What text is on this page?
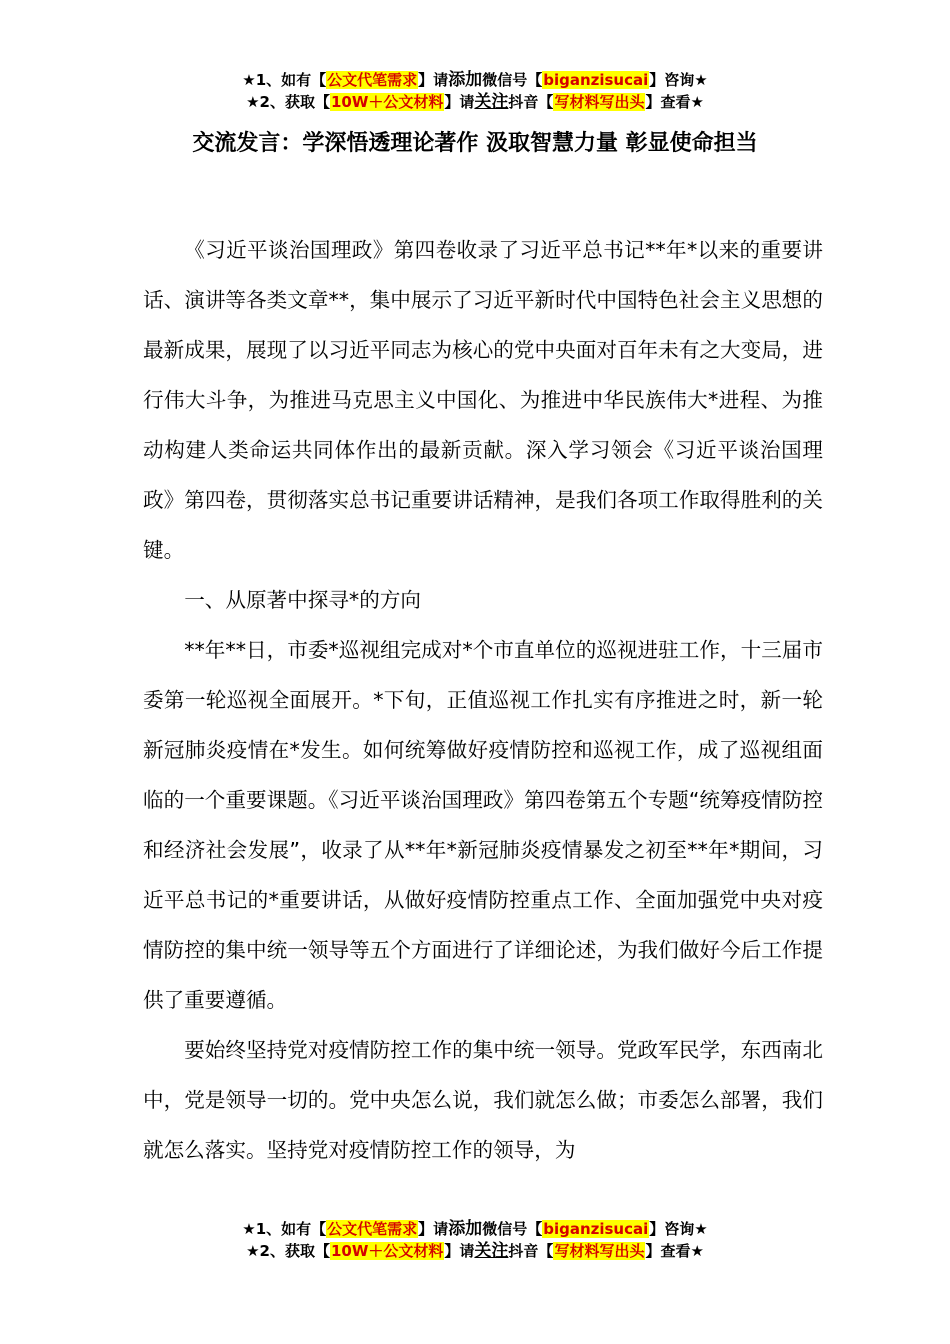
★1、如有【公文代笔需求】请添加微信号【biganzisucai】咨询★
★2、获取【10W＋公文材料】请关注抖音【写材料写出头】查看★
交流发言：学深悟透理论著作 汲取智慧力量 彰显使命担当

《习近平谈治国理政》第四卷收录了习近平总书记**年*以来的重要讲话、演讲等各类文章**，集中展示了习近平新时代中国特色社会主义思想的最新成果，展现了以习近平同志为核心的党中央面对百年未有之大变局，进行伟大斗争，为推进马克思主义中国化、为推进中华民族伟大*进程、为推动构建人类命运共同体作出的最新贡献。深入学习领会《习近平谈治国理政》第四卷，贯彻落实总书记重要讲话精神，是我们各项工作取得胜利的关键。

一、从原著中探寻*的方向

**年**日，市委*巡视组完成对*个市直单位的巡视进驻工作，十三届市委第一轮巡视全面展开。*下旬，正值巡视工作扎实有序推进之时，新一轮新冠肺炎疫情在*发生。如何统筹做好疫情防控和巡视工作，成了巡视组面临的一个重要课题。《习近平谈治国理政》第四卷第五个专题“统筹疫情防控和经济社会发展”，收录了从**年*新冠肺炎疫情暴发之初至**年*期间，习近平总书记的*重要讲话，从做好疫情防控重点工作、全面加强党中央对疫情防控的集中统一领导等五个方面进行了详细论述，为我们做好今后工作提供了重要遵循。

要始终坚持党对疫情防控工作的集中统一领导。党政军民学，东西南北中，党是领导一切的。党中央怎么说，我们就怎么做；市委怎么部署，我们就怎么落实。坚持党对疫情防控工作的领导，为

★1、如有【公文代笔需求】请添加微信号【biganzisucai】咨询★
★2、获取【10W＋公文材料】请关注抖音【写材料写出头】查看★
